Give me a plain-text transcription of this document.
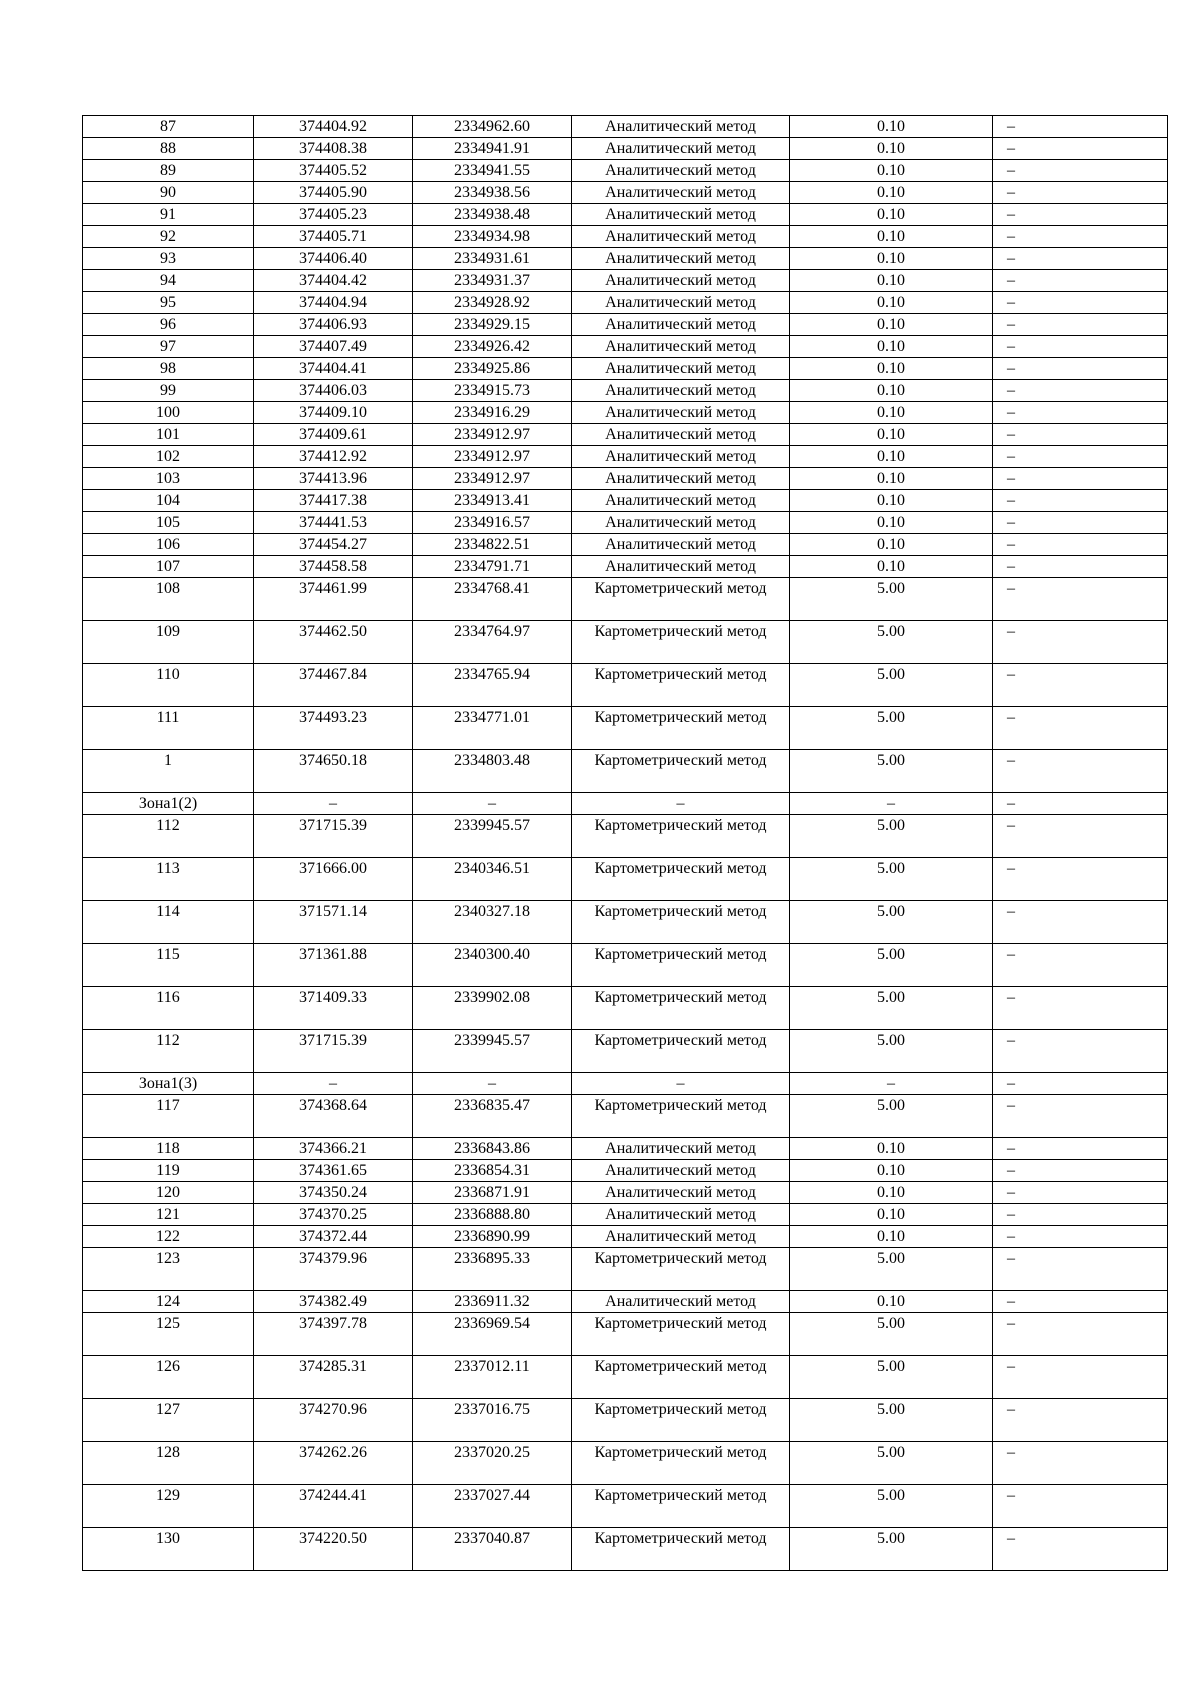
87	374404.92	2334962.60	Аналитический метод	0.10	–
88	374408.38	2334941.91	Аналитический метод	0.10	–
89	374405.52	2334941.55	Аналитический метод	0.10	–
90	374405.90	2334938.56	Аналитический метод	0.10	–
91	374405.23	2334938.48	Аналитический метод	0.10	–
92	374405.71	2334934.98	Аналитический метод	0.10	–
93	374406.40	2334931.61	Аналитический метод	0.10	–
94	374404.42	2334931.37	Аналитический метод	0.10	–
95	374404.94	2334928.92	Аналитический метод	0.10	–
96	374406.93	2334929.15	Аналитический метод	0.10	–
97	374407.49	2334926.42	Аналитический метод	0.10	–
98	374404.41	2334925.86	Аналитический метод	0.10	–
99	374406.03	2334915.73	Аналитический метод	0.10	–
100	374409.10	2334916.29	Аналитический метод	0.10	–
101	374409.61	2334912.97	Аналитический метод	0.10	–
102	374412.92	2334912.97	Аналитический метод	0.10	–
103	374413.96	2334912.97	Аналитический метод	0.10	–
104	374417.38	2334913.41	Аналитический метод	0.10	–
105	374441.53	2334916.57	Аналитический метод	0.10	–
106	374454.27	2334822.51	Аналитический метод	0.10	–
107	374458.58	2334791.71	Аналитический метод	0.10	–
108	374461.99	2334768.41	Картометрический метод	5.00	–
109	374462.50	2334764.97	Картометрический метод	5.00	–
110	374467.84	2334765.94	Картометрический метод	5.00	–
111	374493.23	2334771.01	Картометрический метод	5.00	–
1	374650.18	2334803.48	Картометрический метод	5.00	–
Зона1(2)	–	–	–	–	–
112	371715.39	2339945.57	Картометрический метод	5.00	–
113	371666.00	2340346.51	Картометрический метод	5.00	–
114	371571.14	2340327.18	Картометрический метод	5.00	–
115	371361.88	2340300.40	Картометрический метод	5.00	–
116	371409.33	2339902.08	Картометрический метод	5.00	–
112	371715.39	2339945.57	Картометрический метод	5.00	–
Зона1(3)	–	–	–	–	–
117	374368.64	2336835.47	Картометрический метод	5.00	–
118	374366.21	2336843.86	Аналитический метод	0.10	–
119	374361.65	2336854.31	Аналитический метод	0.10	–
120	374350.24	2336871.91	Аналитический метод	0.10	–
121	374370.25	2336888.80	Аналитический метод	0.10	–
122	374372.44	2336890.99	Аналитический метод	0.10	–
123	374379.96	2336895.33	Картометрический метод	5.00	–
124	374382.49	2336911.32	Аналитический метод	0.10	–
125	374397.78	2336969.54	Картометрический метод	5.00	–
126	374285.31	2337012.11	Картометрический метод	5.00	–
127	374270.96	2337016.75	Картометрический метод	5.00	–
128	374262.26	2337020.25	Картометрический метод	5.00	–
129	374244.41	2337027.44	Картометрический метод	5.00	–
130	374220.50	2337040.87	Картометрический метод	5.00	–
